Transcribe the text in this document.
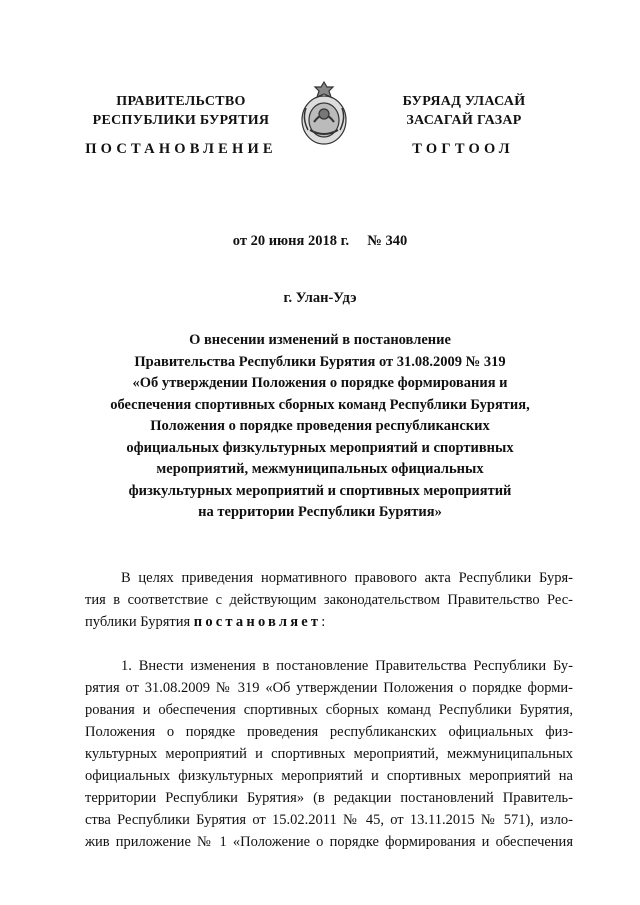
ПРАВИТЕЛЬСТВО
РЕСПУБЛИКИ БУРЯТИЯ
БУРЯАД УЛАСАЙ
ЗАСАГАЙ ГАЗАР
ПОСТАНОВЛЕНИЕ	ТОГТООЛ
от 20 июня 2018 г.     № 340
г. Улан-Удэ
О внесении изменений в постановление
Правительства Республики Бурятия от 31.08.2009 № 319
«Об утверждении Положения о порядке формирования и
обеспечения спортивных сборных команд Республики Бурятия,
Положения о порядке проведения республиканских
официальных физкультурных мероприятий и спортивных
мероприятий, межмуниципальных официальных
физкультурных мероприятий и спортивных мероприятий
на территории Республики Бурятия»
В целях приведения нормативного правового акта Республики Буря-
тия в соответствие с действующим законодательством Правительство Рес-
публики Бурятия постановляет:
1. Внести изменения в постановление Правительства Республики Бу-
рятия от 31.08.2009 № 319 «Об утверждении Положения о порядке форми-
рования и обеспечения спортивных сборных команд Республики Бурятия,
Положения о порядке проведения республиканских официальных физ-
культурных мероприятий и спортивных мероприятий, межмуниципальных
официальных физкультурных мероприятий и спортивных мероприятий на
территории Республики Бурятия» (в редакции постановлений Правитель-
ства Республики Бурятия от 15.02.2011 № 45, от 13.11.2015 № 571), изло-
жив приложение № 1 «Положение о порядке формирования и обеспечения
